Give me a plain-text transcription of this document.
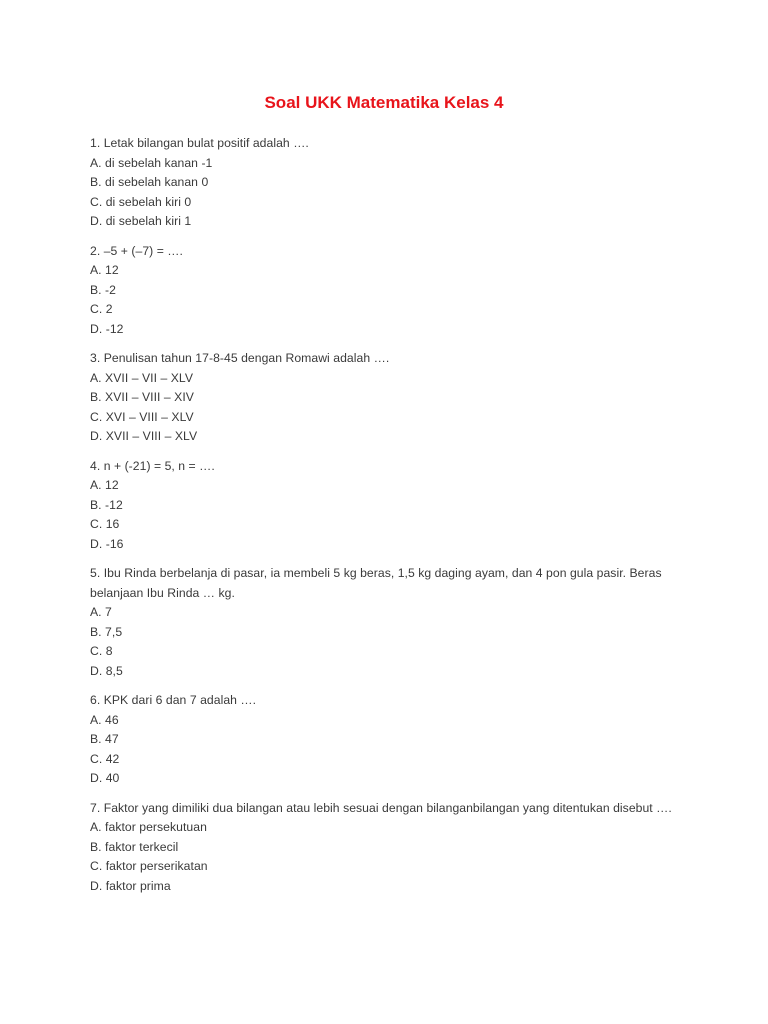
Soal UKK Matematika Kelas 4
1. Letak bilangan bulat positif adalah ….
A. di sebelah kanan -1
B. di sebelah kanan 0
C. di sebelah kiri 0
D. di sebelah kiri 1
2. –5 + (–7) = ….
A. 12
B. -2
C. 2
D. -12
3. Penulisan tahun 17-8-45 dengan Romawi adalah ….
A. XVII – VII – XLV
B. XVII – VIII – XIV
C. XVI – VIII – XLV
D. XVII – VIII – XLV
4. n + (-21) = 5, n = ….
A. 12
B. -12
C. 16
D. -16
5. Ibu Rinda berbelanja di pasar, ia membeli 5 kg beras, 1,5 kg daging ayam, dan 4 pon gula pasir. Beras belanjaan Ibu Rinda … kg.
A. 7
B. 7,5
C. 8
D. 8,5
6. KPK dari 6 dan 7 adalah ….
A. 46
B. 47
C. 42
D. 40
7. Faktor yang dimiliki dua bilangan atau lebih sesuai dengan bilanganbilangan yang ditentukan disebut ….
A. faktor persekutuan
B. faktor terkecil
C. faktor perserikatan
D. faktor prima
